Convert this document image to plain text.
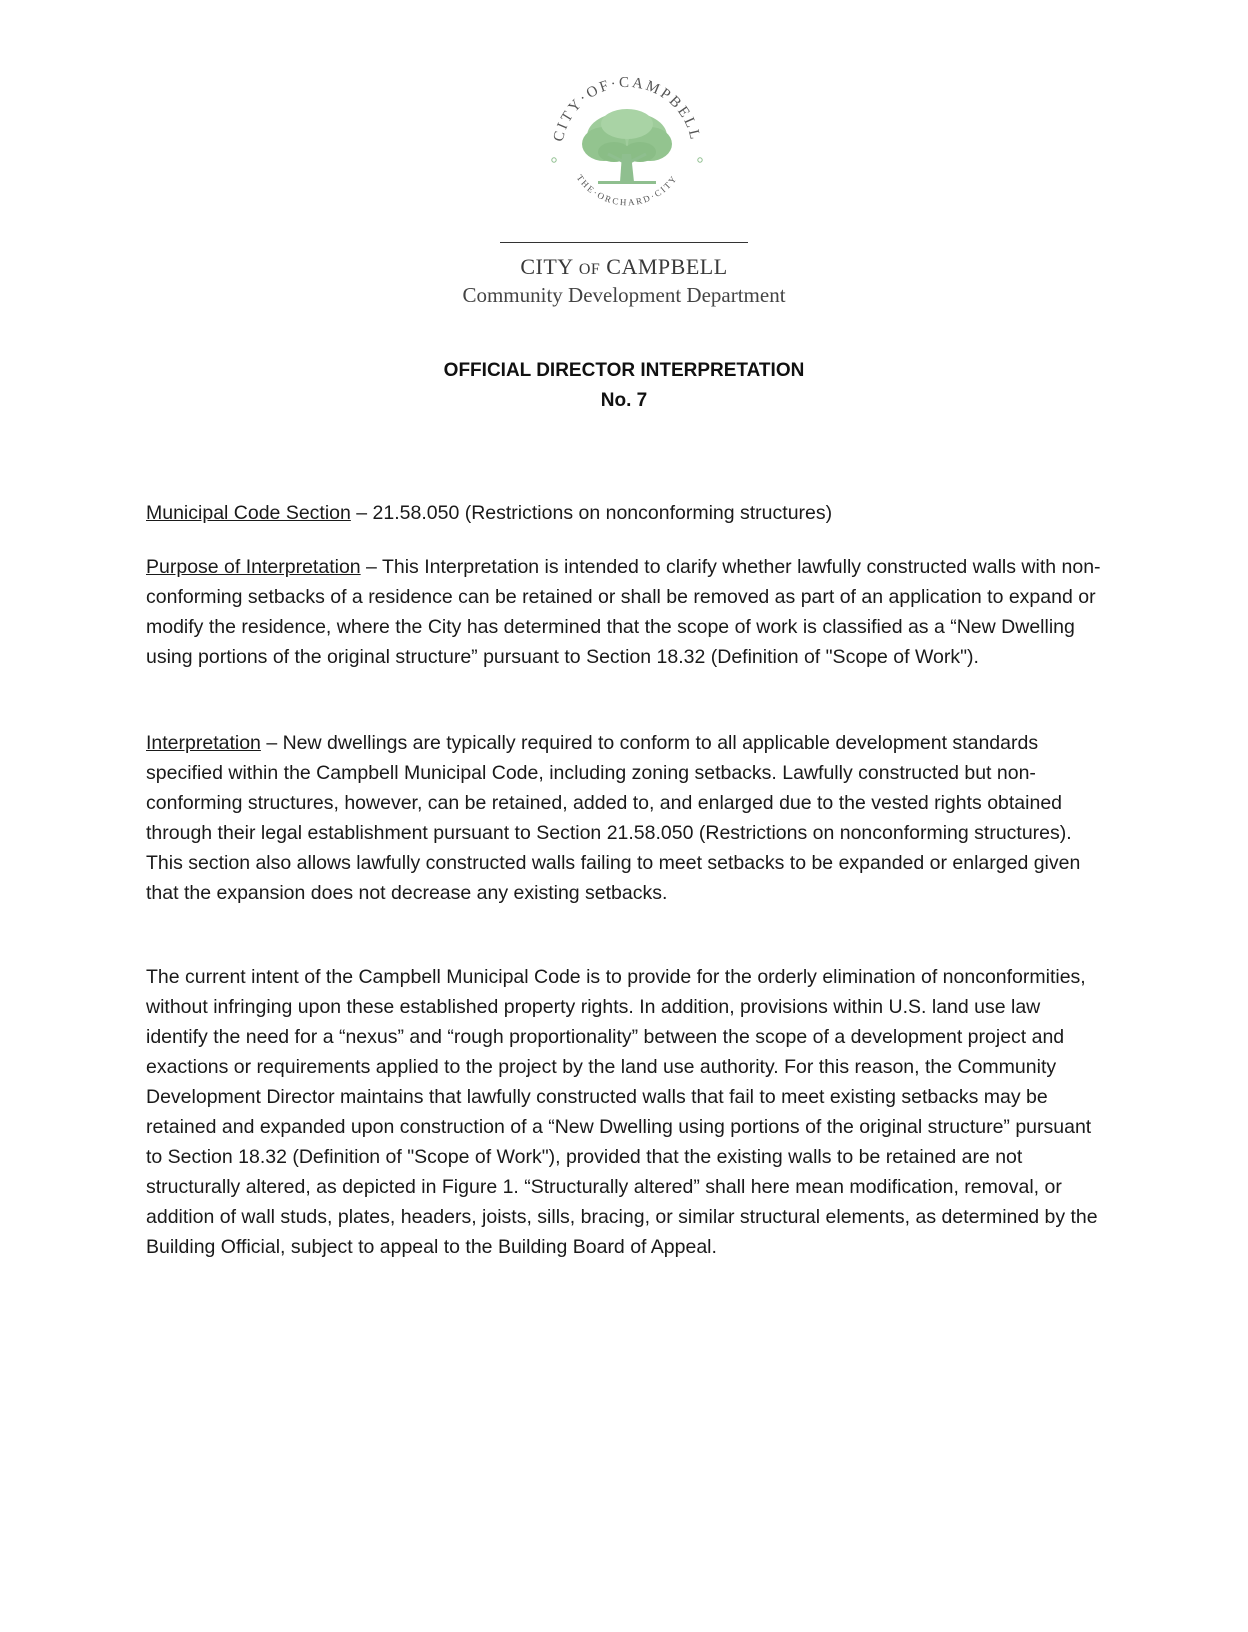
CITY·OF·CAMPBELL
THE·ORCHARD·CITY
CITY OF CAMPBELL
Community Development Department
OFFICIAL DIRECTOR INTERPRETATION
No. 7

Municipal Code Section – 21.58.050 (Restrictions on nonconforming structures)

Purpose of Interpretation – This Interpretation is intended to clarify whether lawfully constructed walls with non-conforming setbacks of a residence can be retained or shall be removed as part of an application to expand or modify the residence, where the City has determined that the scope of work is classified as a “New Dwelling using portions of the original structure” pursuant to Section 18.32 (Definition of "Scope of Work").

Interpretation – New dwellings are typically required to conform to all applicable development standards specified within the Campbell Municipal Code, including zoning setbacks. Lawfully constructed but non-conforming structures, however, can be retained, added to, and enlarged due to the vested rights obtained through their legal establishment pursuant to Section 21.58.050 (Restrictions on nonconforming structures). This section also allows lawfully constructed walls failing to meet setbacks to be expanded or enlarged given that the expansion does not decrease any existing setbacks.

The current intent of the Campbell Municipal Code is to provide for the orderly elimination of nonconformities, without infringing upon these established property rights. In addition, provisions within U.S. land use law identify the need for a “nexus” and “rough proportionality” between the scope of a development project and exactions or requirements applied to the project by the land use authority. For this reason, the Community Development Director maintains that lawfully constructed walls that fail to meet existing setbacks may be retained and expanded upon construction of a “New Dwelling using portions of the original structure” pursuant to Section 18.32 (Definition of "Scope of Work"), provided that the existing walls to be retained are not structurally altered, as depicted in Figure 1. “Structurally altered” shall here mean modification, removal, or addition of wall studs, plates, headers, joists, sills, bracing, or similar structural elements, as determined by the Building Official, subject to appeal to the Building Board of Appeal.
